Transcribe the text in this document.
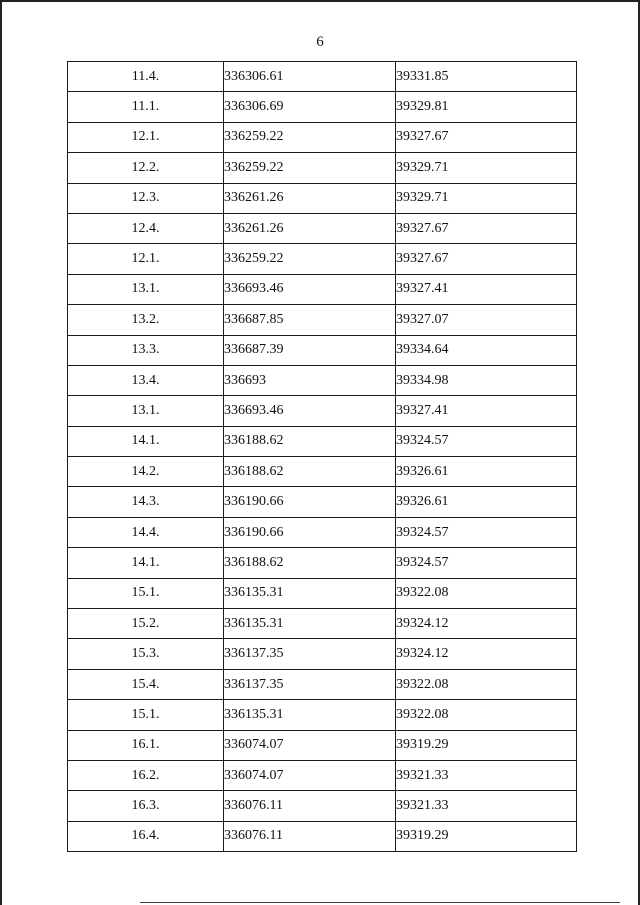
6
11.4.	336306.61	39331.85
11.1.	336306.69	39329.81
12.1.	336259.22	39327.67
12.2.	336259.22	39329.71
12.3.	336261.26	39329.71
12.4.	336261.26	39327.67
12.1.	336259.22	39327.67
13.1.	336693.46	39327.41
13.2.	336687.85	39327.07
13.3.	336687.39	39334.64
13.4.	336693	39334.98
13.1.	336693.46	39327.41
14.1.	336188.62	39324.57
14.2.	336188.62	39326.61
14.3.	336190.66	39326.61
14.4.	336190.66	39324.57
14.1.	336188.62	39324.57
15.1.	336135.31	39322.08
15.2.	336135.31	39324.12
15.3.	336137.35	39324.12
15.4.	336137.35	39322.08
15.1.	336135.31	39322.08
16.1.	336074.07	39319.29
16.2.	336074.07	39321.33
16.3.	336076.11	39321.33
16.4.	336076.11	39319.29
